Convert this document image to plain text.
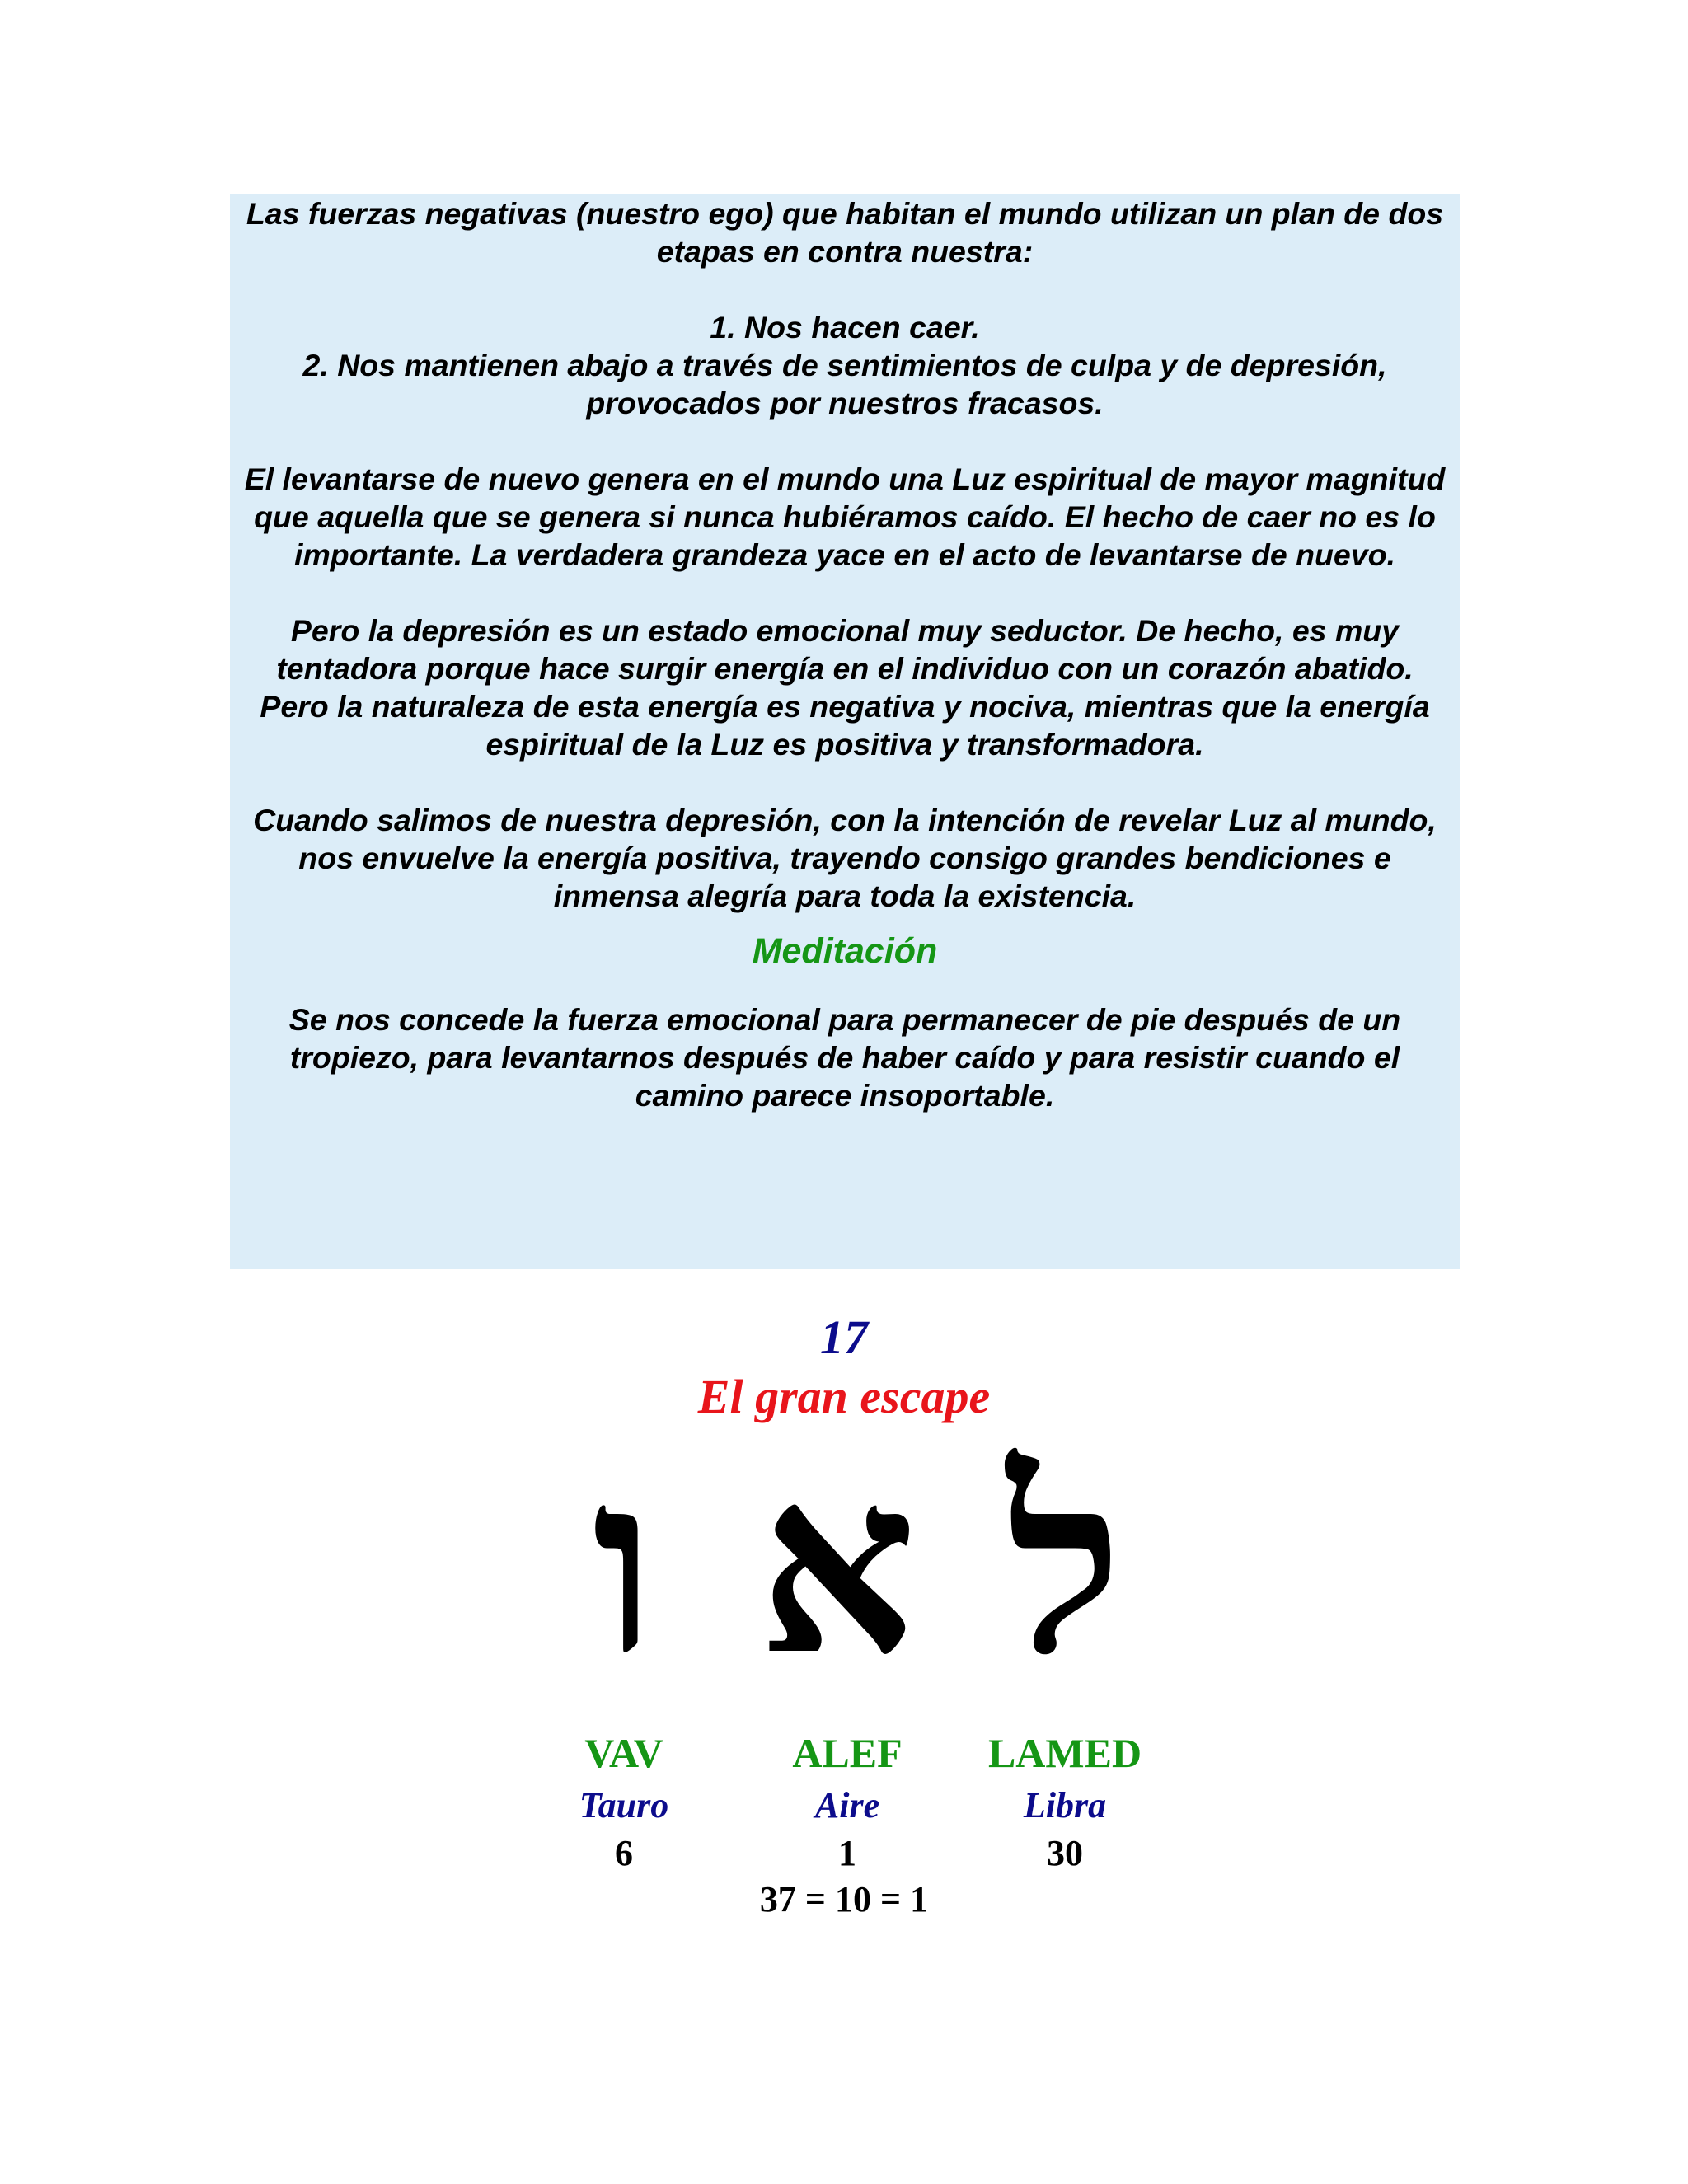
Las fuerzas negativas (nuestro ego) que habitan el mundo utilizan un plan de dos etapas en contra nuestra:

1. Nos hacen caer.

2. Nos mantienen abajo a través de sentimientos de culpa y de depresión, provocados por nuestros fracasos.

El levantarse de nuevo genera en el mundo una Luz espiritual de mayor magnitud que aquella que se genera si nunca hubiéramos caído. El hecho de caer no es lo importante. La verdadera grandeza yace en el acto de levantarse de nuevo.

Pero la depresión es un estado emocional muy seductor. De hecho, es muy tentadora porque hace surgir energía en el individuo con un corazón abatido. Pero la naturaleza de esta energía es negativa y nociva, mientras que la energía espiritual de la Luz es positiva y transformadora.

Cuando salimos de nuestra depresión, con la intención de revelar Luz al mundo, nos envuelve la energía positiva, trayendo consigo grandes bendiciones e inmensa alegría para toda la existencia.

Meditación

Se nos concede la fuerza emocional para permanecer de pie después de un tropiezo, para levantarnos después de haber caído y para resistir cuando el camino parece insoportable.

17
El gran escape
ו א ל
VAV	ALEF	LAMED
Tauro	Aire	Libra
6	1	30
37 = 10 = 1
